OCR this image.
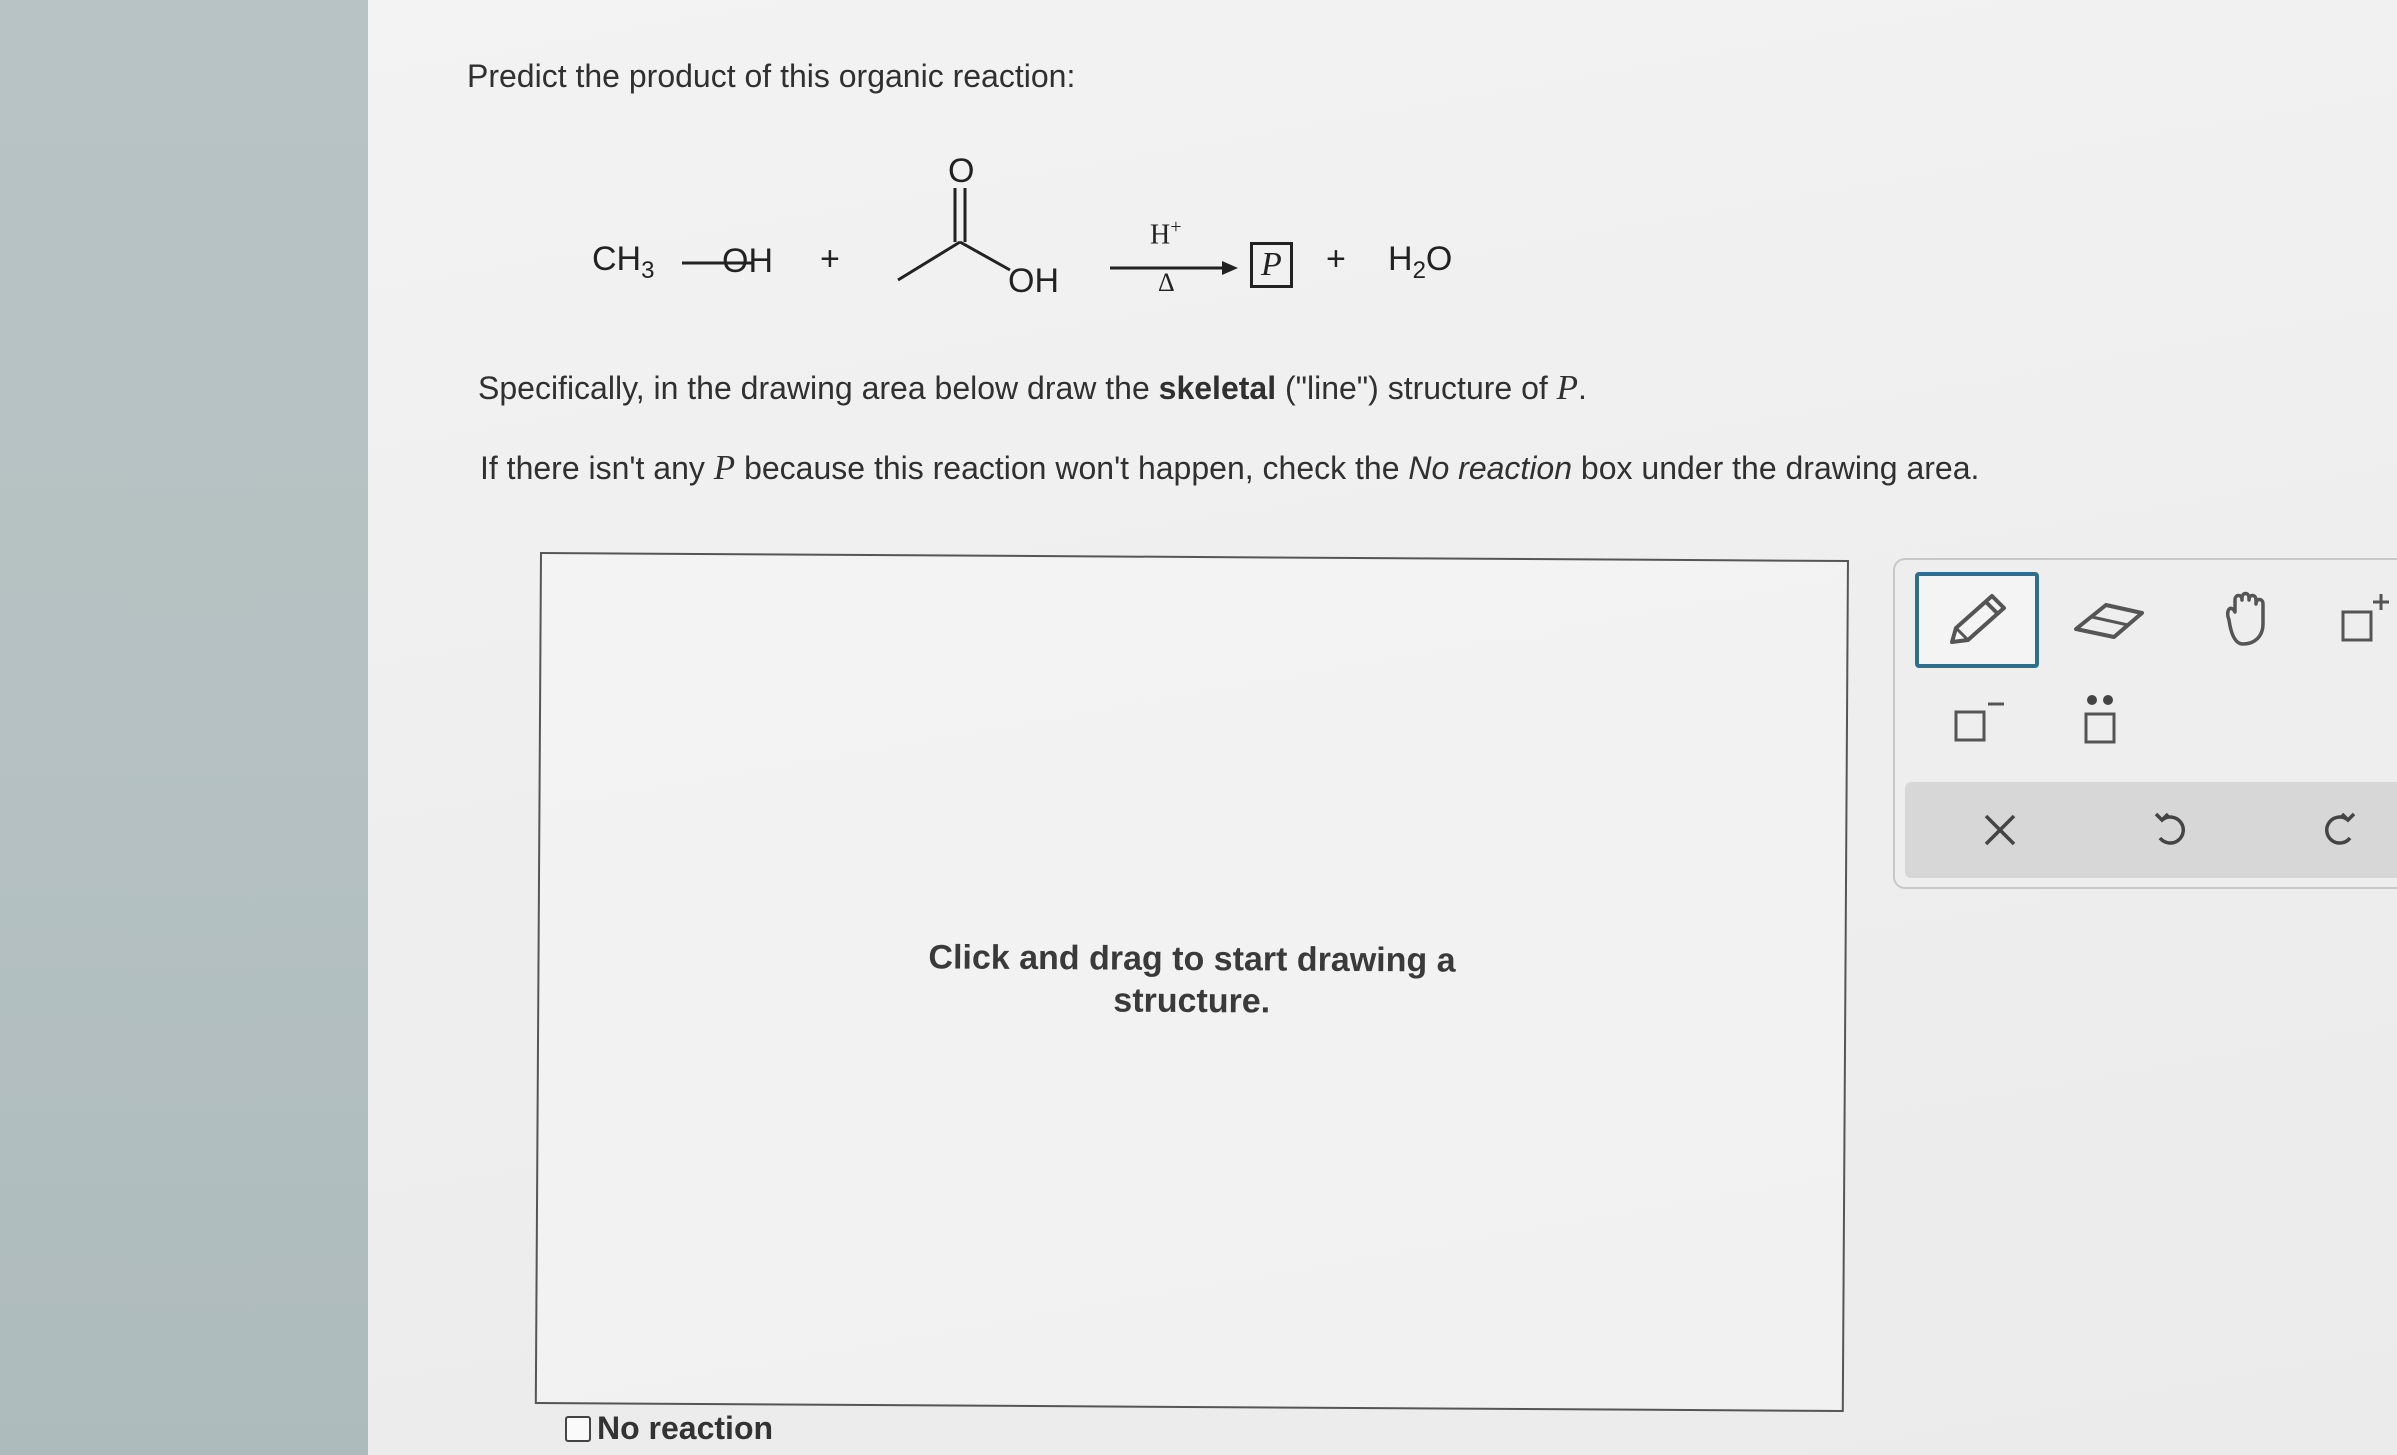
Predict the product of this organic reaction:
$CH_3$ OH +
O
OH
H+
Δ	P	+ $H_2O$
Specifically, in the drawing area below draw the skeletal ("line") structure of P.
If there isn't any P because this reaction won't happen, check the No reaction box under the drawing area.
Click and drag to start drawing a
structure.
No reaction
